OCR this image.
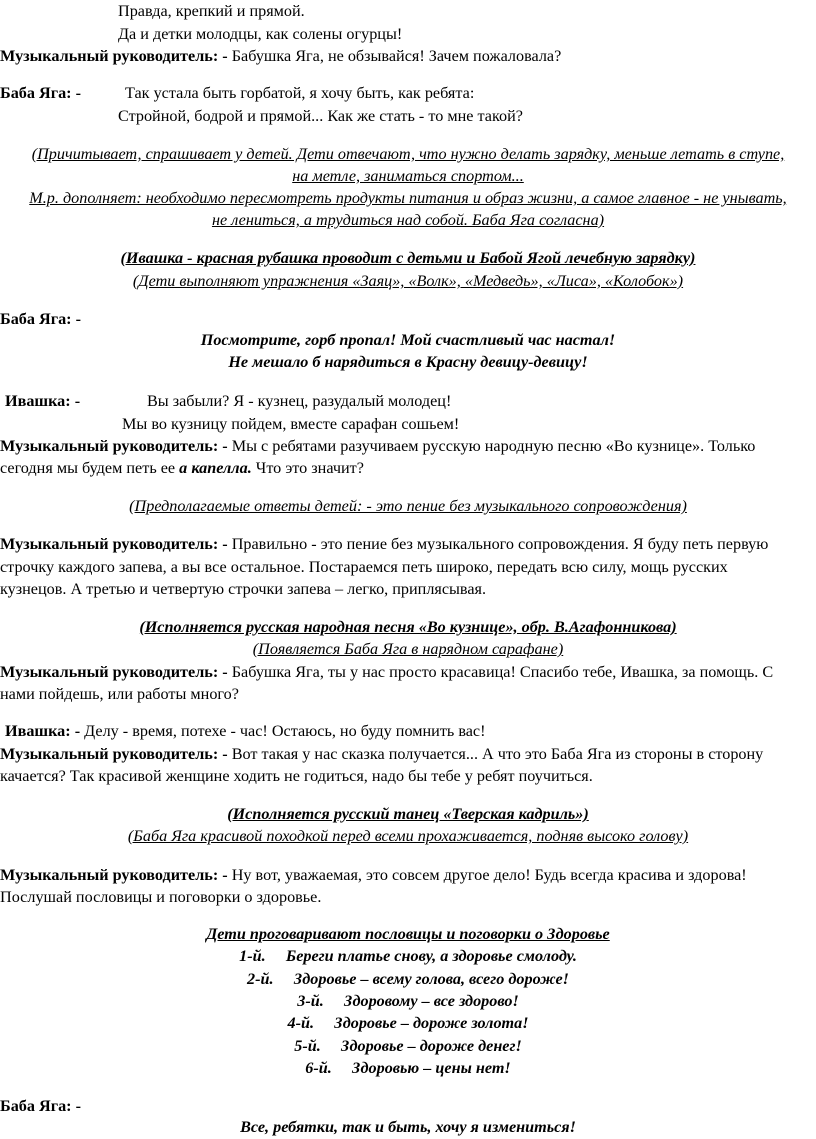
Правда, крепкий и прямой.
Да и детки молодцы, как солены огурцы!
Музыкальный руководитель: - Бабушка Яга, не обзывайся! Зачем пожаловала?
Баба Яга: -	Так устала быть горбатой, я хочу быть, как ребята:
Стройной, бодрой и прямой... Как же стать - то мне такой?
(Причитывает, спрашивает у детей. Дети отвечают, что нужно делать зарядку, меньше летать в ступе,
на метле, заниматься спортом...
М.р. дополняет: необходимо пересмотреть продукты питания и образ жизни, а самое главное - не унывать,
не лениться, а трудиться над собой. Баба Яга согласна)
(Ивашка - красная рубашка проводит с детьми и Бабой Ягой лечебную зарядку)
(Дети выполняют упражнения «Заяц», «Волк», «Медведь», «Лиса», «Колобок»)
Баба Яга: -
Посмотрите, горб пропал! Мой счастливый час настал!
Не мешало б нарядиться в Красну девицу-девицу!
Ивашка: -	Вы забыли? Я - кузнец, разудалый молодец!
Мы во кузницу пойдем, вместе сарафан сошьем!
Музыкальный руководитель: - Мы с ребятами разучиваем русскую народную песню «Во кузнице». Только
сегодня мы будем петь ее а капелла. Что это значит?
(Предполагаемые ответы детей: - это пение без музыкального сопровождения)
Музыкальный руководитель: - Правильно - это пение без музыкального сопровождения. Я буду петь первую
строчку каждого запева, а вы все остальное. Постараемся петь широко, передать всю силу, мощь русских
кузнецов. А третью и четвертую строчки запева – легко, приплясывая.
(Исполняется русская народная песня «Во кузнице», обр. В.Агафонникова)
(Появляется Баба Яга в нарядном сарафане)
Музыкальный руководитель: - Бабушка Яга, ты у нас просто красавица! Спасибо тебе, Ивашка, за помощь. С
нами пойдешь, или работы много?
Ивашка: - Делу - время, потехе - час! Остаюсь, но буду помнить вас!
Музыкальный руководитель: - Вот такая у нас сказка получается... А что это Баба Яга из стороны в сторону
качается? Так красивой женщине ходить не годиться, надо бы тебе у ребят поучиться.
(Исполняется русский танец «Тверская кадриль»)
(Баба Яга красивой походкой перед всеми прохаживается, подняв высоко голову)
Музыкальный руководитель: - Ну вот, уважаемая, это совсем другое дело! Будь всегда красива и здорова!
Послушай пословицы и поговорки о здоровье.
Дети проговаривают пословицы и поговорки о Здоровье
1-й. Береги платье снову, а здоровье смолоду.
2-й. Здоровье – всему голова, всего дороже!
3-й. Здоровому – все здорово!
4-й. Здоровье – дороже золота!
5-й. Здоровье – дороже денег!
6-й. Здоровью – цены нет!
Баба Яга: -
Все, ребятки, так и быть, хочу я измениться!
